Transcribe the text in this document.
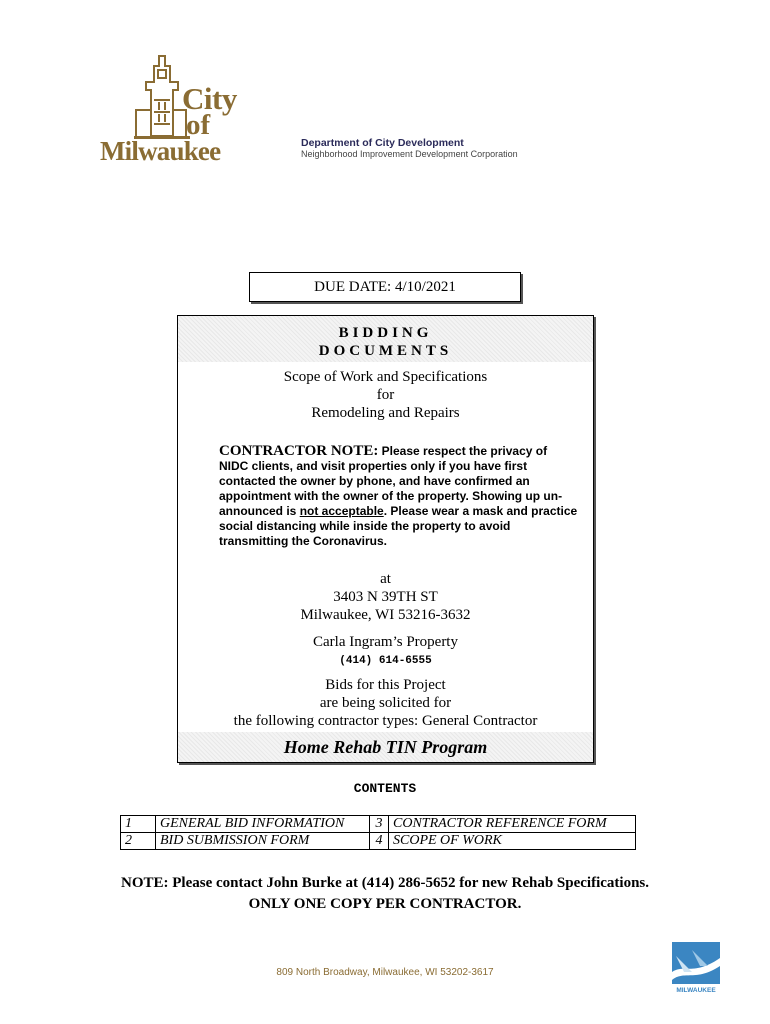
City
of
Milwaukee	Department of City Development
Neighborhood Improvement Development Corporation
DUE DATE: 4/10/2021
BIDDING
DOCUMENTS
Scope of Work and Specifications
for
Remodeling and Repairs
CONTRACTOR NOTE: Please respect the privacy of NIDC clients, and visit properties only if you have first contacted the owner by phone, and have confirmed an appointment with the owner of the property. Showing up un-announced is not acceptable. Please wear a mask and practice social distancing while inside the property to avoid transmitting the Coronavirus.
at
3403 N 39TH ST
Milwaukee, WI 53216-3632
Carla Ingram’s Property
(414) 614-6555
Bids for this Project
are being solicited for
the following contractor types: General Contractor
Home Rehab TIN Program
CONTENTS
1	GENERAL BID INFORMATION	3	CONTRACTOR REFERENCE FORM
2	BID SUBMISSION FORM	4	SCOPE OF WORK
NOTE: Please contact John Burke at (414) 286-5652 for new Rehab Specifications.
ONLY ONE COPY PER CONTRACTOR.
809 North Broadway, Milwaukee, WI 53202-3617
MILWAUKEE
